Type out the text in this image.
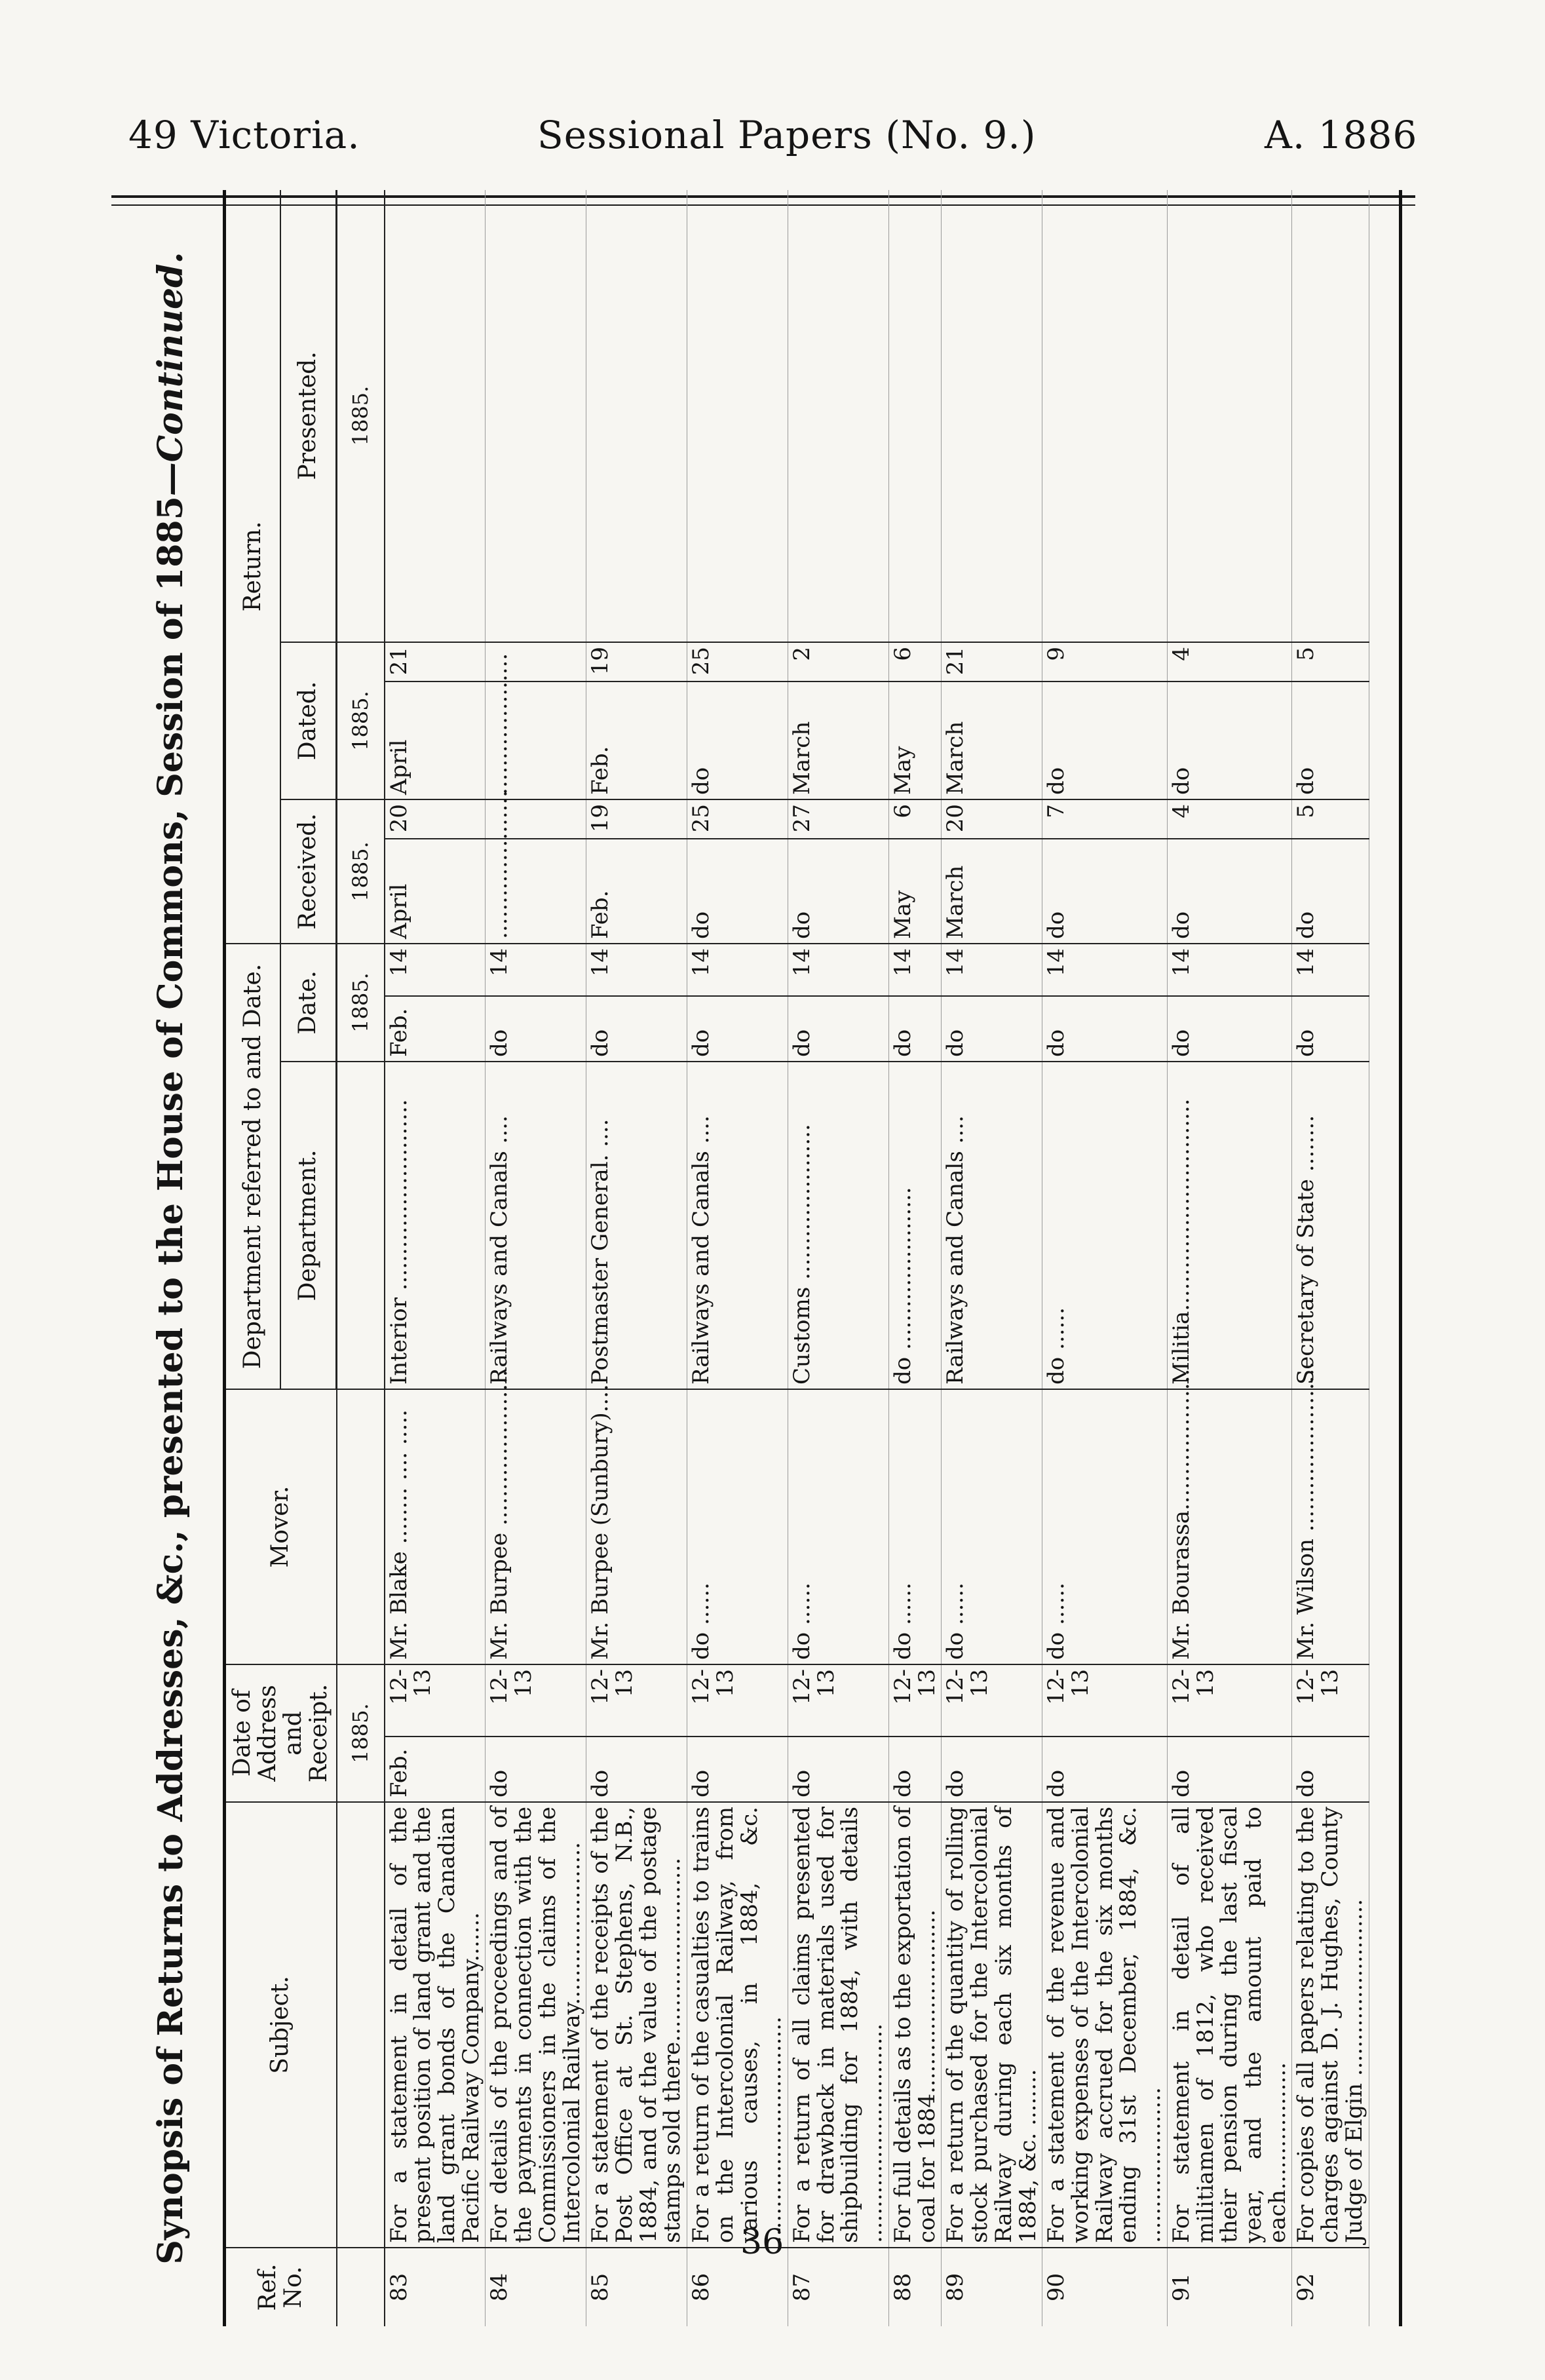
49 Victoria.	Sessional Papers (No. 9.)	A. 1886
Synopsis of Returns to Addresses, &c., presented to the House of Commons, Session of 1885—Continued.
Ref. No.	Subject.	Date of Address and Receipt.		Mover.	Department referred to and Date.			Return.				
					Department.	Date.		Received.		Dated.		Presented.
		1885.				1885.		1885.		1885.		1885.
83	For a statement in detail of the present position of land grant and the land grant bonds of the Canadian Pacific Railway Company.......	Feb.	12-13	Mr. Blake ........ .... .....	Interior ...........................	Feb.	14	April	20	April	21	
84	For details of the proceedings and of the payments in connection with the Commissioners in the claims of the Intercolonial Railway.......................	do	12-13	Mr. Burpee ......................	Railways and Canals ....	do	14	.....................		....................		
85	For a statement of the receipts of the Post Office at St. Stephens, N.B., 1884, and of the value of the postage stamps sold there..........................	do	12-13	Mr. Burpee (Sunbury)....	Postmaster General. ....	do	14	Feb.	19	Feb.	19	
86	For a return of the casualties to trains on the Intercolonial Railway, from various causes, in 1884, &c. ................................	do	12-13	do ......	Railways and Canals ....	do	14	do	25	do	25	
87	For a return of all claims presented for drawback in materials used for shipbuilding for 1884, with details ...............................	do	12-13	do ......	Customs ......................	do	14	do	27	March	2	
88	For full details as to the exportation of coal for 1884..........................	do	12-13	do ......	do .......................	do	14	May	6	May	6	
89	For a return of the quantity of rolling stock purchased for the Intercolonial Railway during each six months of 1884, &c. ........	do	12-13	do ......	Railways and Canals ....	do	14	March	20	March	21	
90	For a statement of the revenue and working expenses of the Intercolonial Railway accrued for the six months ending 31st December, 1884, &c. ......................	do	12-13	do ......	do ......	do	14	do	7	do	9	
91	For statement in detail of all militiamen of 1812, who received their pension during the last fiscal year, and the amount paid to each..................	do	12-13	Mr. Bourassa....................	Militia..............................	do	14	do	4	do	4	
92	For copies of all papers relating to the charges against D. J. Hughes, County Judge of Elgin .........................	do	12-13	Mr. Wilson ........................	Secretary of State ........	do	14	do	5	do	5	
36
